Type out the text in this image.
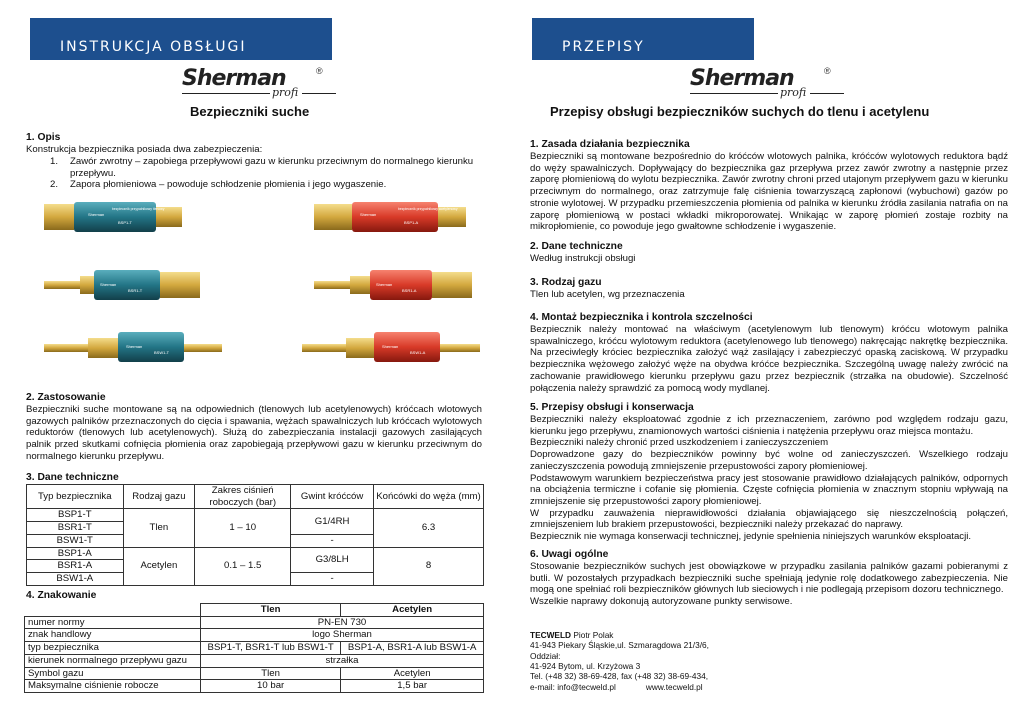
INSTRUKCJA OBSŁUGI
Sherman	®
profi
Bezpieczniki suche
1. Opis
Konstrukcja bezpiecznika posiada dwa zabezpieczenia:
1.	Zawór zwrotny – zapobiega przepływowi gazu w kierunku przeciwnym do normalnego kierunku przepływu.
2.	Zapora płomieniowa – powoduje schłodzenie płomienia i jego wygaszenie.
Sherman
bezpiecznik przypalnikowy tlenowy
BSP1-T
Sherman
BSR1-T
Sherman
BSW1-T
Sherman
bezpiecznik przypalnikowy acetylenowy
BSP1-A
Sherman
BSR1-A
Sherman
BSW1-A
2. Zastosowanie
Bezpieczniki suche montowane są na odpowiednich (tlenowych lub acetylenowych) króćcach wlotowych gazowych palników przeznaczonych do cięcia i spawania, wężach spawalniczych lub króćcach wylotowych reduktorów (tlenowych lub acetylenowych). Służą do zabezpieczania instalacji gazowych zasilających palnik przed skutkami cofnięcia płomienia oraz zapobiegają przepływowi gazu w kierunku przeciwnym do normalnego kierunku przepływu.
3. Dane techniczne
Typ bezpiecznika	Rodzaj gazu	Zakres ciśnień roboczych (bar)	Gwint króćców	Końcówki do węża (mm)
BSP1-T	Tlen	1 – 10	G1/4RH	6.3
BSR1-T				
BSW1-T			-	
BSP1-A	Acetylen	0.1 – 1.5	G3/8LH	8
BSR1-A				
BSW1-A			-	
4. Znakowanie
	Tlen	Acetylen
numer normy	PN-EN 730	
znak handlowy	logo Sherman	
typ bezpiecznika	BSP1-T, BSR1-T lub BSW1-T	BSP1-A, BSR1-A lub BSW1-A
kierunek normalnego przepływu gazu	strzałka	
Symbol gazu	Tlen	Acetylen
Maksymalne ciśnienie robocze	10 bar	1,5 bar
PRZEPISY
Sherman	®
profi
Przepisy obsługi bezpieczników suchych do tlenu i acetylenu
1. Zasada działania bezpiecznika
Bezpieczniki są montowane bezpośrednio do króćców wlotowych palnika, króćców wylotowych reduktora bądź do węży spawalniczych. Dopływający do bezpiecznika gaz przepływa przez zawór zwrotny a następnie przez zaporę płomieniową do wylotu bezpiecznika. Zawór zwrotny chroni przed utajonym przepływem gazu w kierunku przeciwnym do normalnego, oraz zatrzymuje falę ciśnienia towarzyszącą zapłonowi (wybuchowi) gazów po stronie wylotowej. W przypadku przemieszczenia płomienia od palnika w kierunku źródła zasilania natrafia on na zaporę płomieniową w postaci wkładki mikroporowatej. Wnikając w zaporę płomień zostaje rozbity na mikropłomienie, co powoduje jego gwałtowne schłodzenie i wygaszenie.
2. Dane techniczne
Według instrukcji obsługi
3. Rodzaj gazu
Tlen lub acetylen, wg przeznaczenia
4. Montaż bezpiecznika i kontrola szczelności
Bezpiecznik należy montować na właściwym (acetylenowym lub tlenowym) króćcu wlotowym palnika spawalniczego, króćcu wylotowym reduktora (acetylenowego lub tlenowego) nakręcając nakrętkę bezpiecznika. Na przeciwległy króciec bezpiecznika założyć wąż zasilający i zabezpieczyć opaską zaciskową. W przypadku bezpiecznika wężowego założyć węże na obydwa króćce bezpiecznika. Szczególną uwagę należy zwrócić na zachowanie prawidłowego kierunku przepływu gazu przez bezpiecznik (strzałka na obudowie). Szczelność połączenia należy sprawdzić za pomocą wody mydlanej.
5. Przepisy obsługi i konserwacja
Bezpieczniki należy eksploatować zgodnie z ich przeznaczeniem, zarówno pod względem rodzaju gazu, kierunku jego przepływu, znamionowych wartości ciśnienia i natężenia przepływu oraz miejsca montażu.
Bezpieczniki należy chronić przed uszkodzeniem i zanieczyszczeniem
Doprowadzone gazy do bezpieczników powinny być wolne od zanieczyszczeń. Wszelkiego rodzaju zanieczyszczenia powodują zmniejszenie przepustowości zapory płomieniowej.
Podstawowym warunkiem bezpieczeństwa pracy jest stosowanie prawidłowo działających palników, odpornych na obciążenia termiczne i cofanie się płomienia. Częste cofnięcia płomienia w znacznym stopniu wpływają na zmniejszenie się przepustowości zapory płomieniowej.
W przypadku zauważenia nieprawidłowości działania objawiającego się nieszczelnością połączeń, zmniejszeniem lub brakiem przepustowości, bezpieczniki należy przekazać do naprawy.
Bezpiecznik nie wymaga konserwacji technicznej, jedynie spełnienia niniejszych warunków eksploatacji.
6. Uwagi ogólne
Stosowanie bezpieczników suchych jest obowiązkowe w przypadku zasilania palników gazami pobieranymi z butli. W pozostałych przypadkach bezpieczniki suche spełniają jedynie rolę dodatkowego zabezpieczenia. Nie mogą one spełniać roli bezpieczników głównych lub sieciowych i nie podlegają przepisom dozoru technicznego.
Wszelkie naprawy dokonują autoryzowane punkty serwisowe.
TECWELD Piotr Polak
41-943 Piekary Śląskie,ul. Szmaragdowa 21/3/6,
Oddział:
41-924 Bytom, ul. Krzyżowa 3
Tel. (+48 32) 38-69-428, fax (+48 32) 38-69-434,
e-mail: info@tecweld.pl	www.tecweld.pl
